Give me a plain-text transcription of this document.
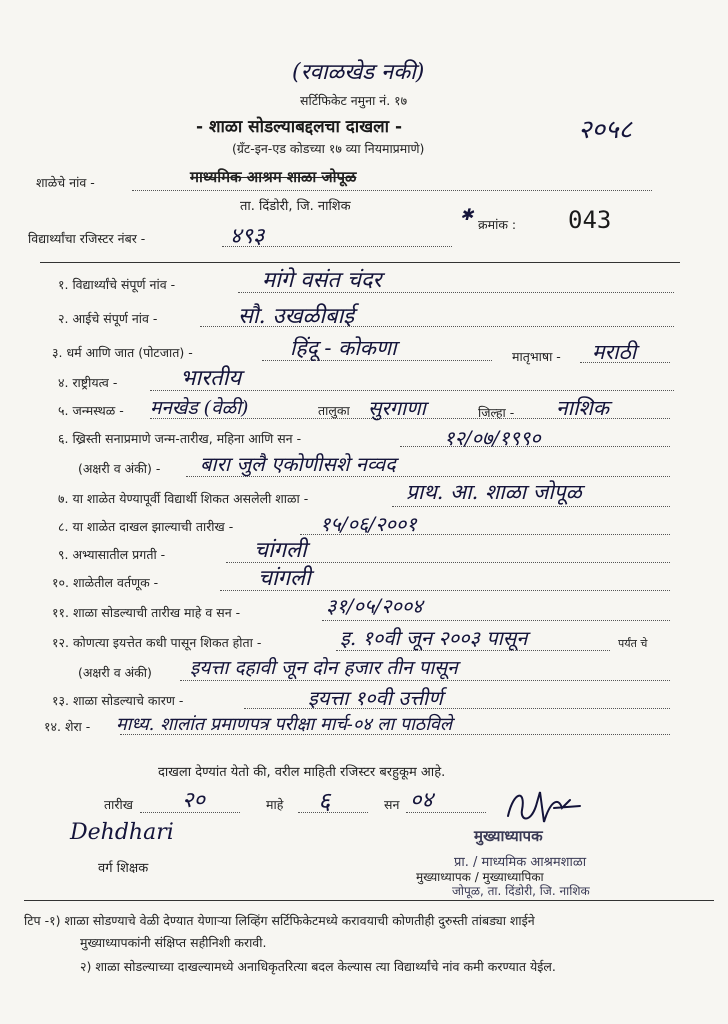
(रवाळखेड नकी)
सर्टिफिकेट नमुना नं. १७
- शाळा सोडल्याबद्दलचा दाखला -	२०५८
(ग्रँट-इन-एड कोडच्या १७ व्या नियमाप्रमाणे)
शाळेचे नांव -	माध्यमिक आश्रम शाळा जोपूळ
ता. दिंडोरी, जि. नाशिक	✱
विद्यार्थ्यांचा रजिस्टर नंबर -	४९३	क्रमांक : 043
१. विद्यार्थ्यांचे संपूर्ण नांव -	मांगे वसंत चंदर
२. आईचे संपूर्ण नांव -	सौ. उखळीबाई
३. धर्म आणि जात (पोटजात) -	हिंदू - कोकणा	मातृभाषा - मराठी
४. राष्ट्रीयत्व -	भारतीय
५. जन्मस्थळ - मनखेड (वेळी)	तालुका सुरगाणा	जिल्हा - नाशिक
६. ख्रिस्ती सनाप्रमाणे जन्म-तारीख, महिना आणि सन -	१२/०७/१९९०
(अक्षरी व अंकी) - बारा जुलै एकोणीसशे नव्वद
७. या शाळेत येण्यापूर्वी विद्यार्थी शिकत असलेली शाळा -	प्राथ. आ. शाळा जोपूळ
८. या शाळेत दाखल झाल्याची तारीख -	१५/०६/२००१
९. अभ्यासातील प्रगती -	चांगली
१०. शाळेतील वर्तणूक -	चांगली
११. शाळा सोडल्याची तारीख माहे व सन -	३१/०५/२००४
१२. कोणत्या इयत्तेत कधी पासून शिकत होता -	इ. १०वी जून २००३ पासून	पर्यंत चे
(अक्षरी व अंकी) इयत्ता दहावी जून दोन हजार तीन पासून
१३. शाळा सोडल्याचे कारण -	इयत्ता १०वी उत्तीर्ण
१४. शेरा - माध्य. शालांत प्रमाणपत्र परीक्षा मार्च-०४ ला पाठविले
दाखला देण्यांत येतो की, वरील माहिती रजिस्टर बरहुकूम आहे.
तारीख २०	माहे ६	सन ०४
Dehdhari
वर्ग शिक्षक
मुख्याध्यापक
प्रा. / माध्यमिक आश्रमशाळा
मुख्याध्यापक / मुख्याध्यापिका
जोपूळ, ता. दिंडोरी, जि. नाशिक
टिप -१) शाळा सोडण्याचे वेळी देण्यात येणाऱ्या लिव्हिंग सर्टिफिकेटमध्ये करावयाची कोणतीही दुरुस्ती तांबड्या शाईने
मुख्याध्यापकांनी संक्षिप्त सहीनिशी करावी.
२) शाळा सोडल्याच्या दाखल्यामध्ये अनाधिकृतरित्या बदल केल्यास त्या विद्यार्थ्यांचे नांव कमी करण्यात येईल.
